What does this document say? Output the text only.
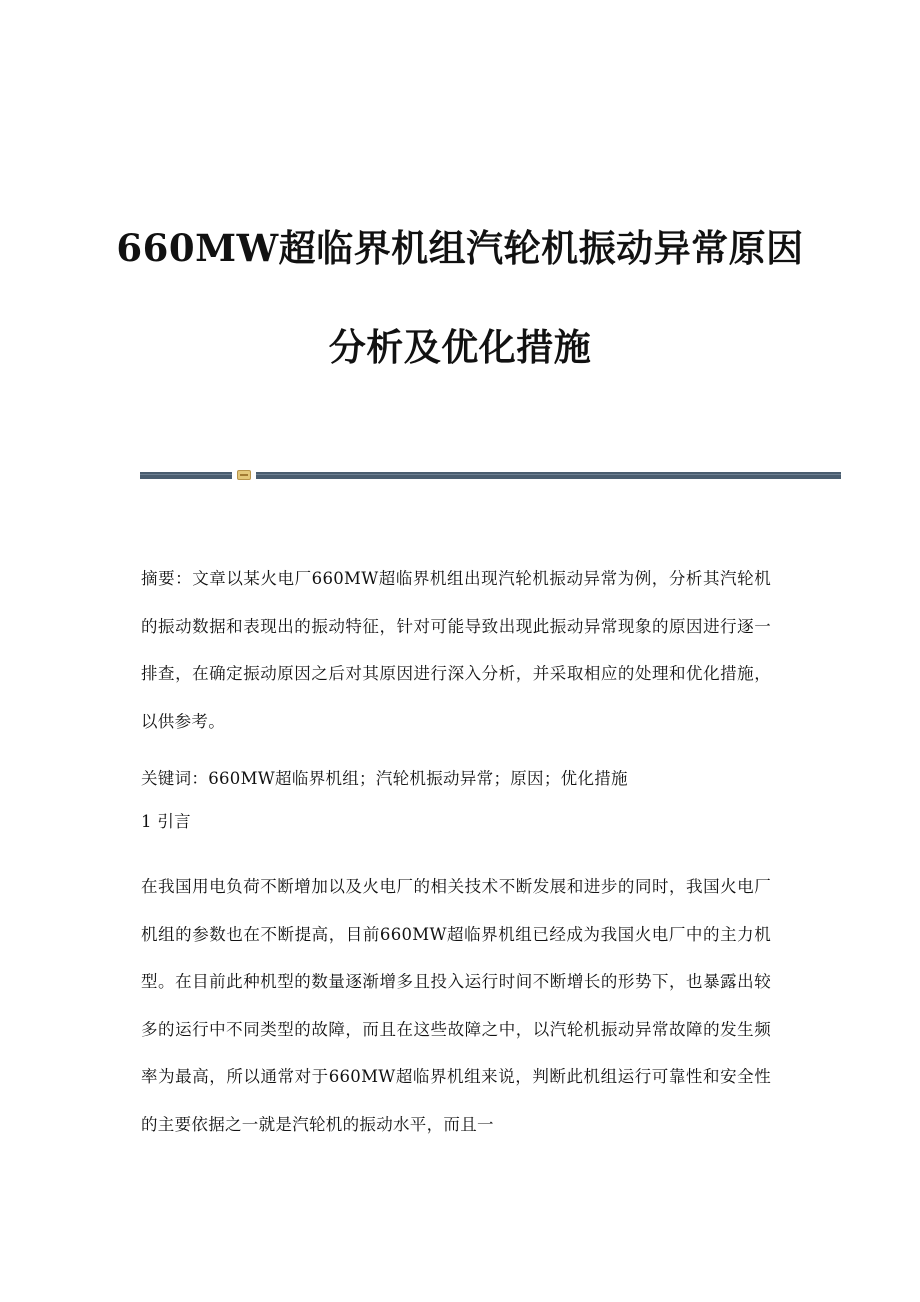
660MW超临界机组汽轮机振动异常原因
分析及优化措施
摘要：文章以某火电厂660MW超临界机组出现汽轮机振动异常为例，分析其汽轮机的振动数据和表现出的振动特征，针对可能导致出现此振动异常现象的原因进行逐一排查，在确定振动原因之后对其原因进行深入分析，并采取相应的处理和优化措施，以供参考。
关键词：660MW超临界机组；汽轮机振动异常；原因；优化措施
1 引言
在我国用电负荷不断增加以及火电厂的相关技术不断发展和进步的同时，我国火电厂机组的参数也在不断提高，目前660MW超临界机组已经成为我国火电厂中的主力机型。在目前此种机型的数量逐渐增多且投入运行时间不断增长的形势下，也暴露出较多的运行中不同类型的故障，而且在这些故障之中，以汽轮机振动异常故障的发生频率为最高，所以通常对于660MW超临界机组来说，判断此机组运行可靠性和安全性的主要依据之一就是汽轮机的振动水平，而且一
